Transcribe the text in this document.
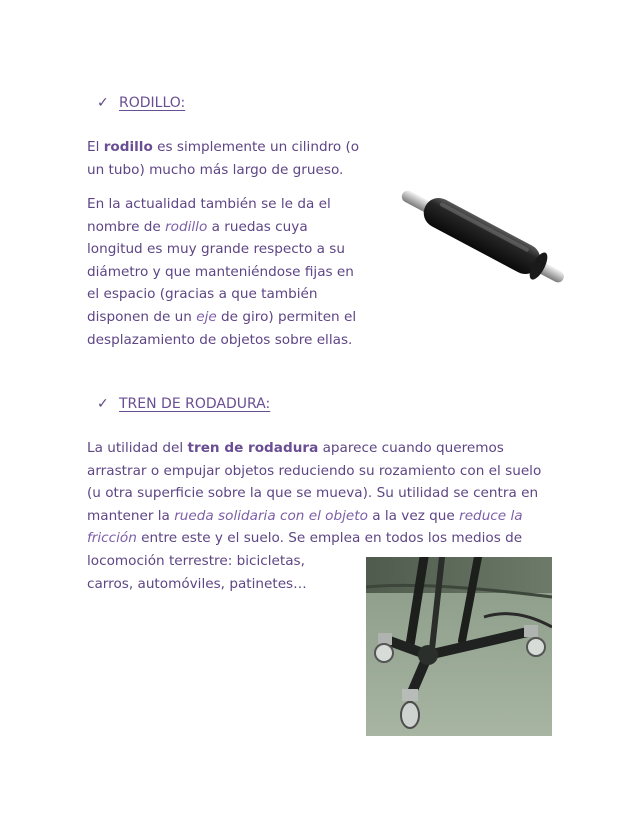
✓ RODILLO:

El rodillo es simplemente un cilindro (o
un tubo) mucho más largo de grueso.

En la actualidad también se le da el
nombre de rodillo a ruedas cuya
longitud es muy grande respecto a su
diámetro y que manteniéndose fijas en
el espacio (gracias a que también
disponen de un eje de giro) permiten el
desplazamiento de objetos sobre ellas.

✓ TREN DE RODADURA:

La utilidad del tren de rodadura aparece cuando queremos
arrastrar o empujar objetos reduciendo su rozamiento con el suelo
(u otra superficie sobre la que se mueva). Su utilidad se centra en
mantener la rueda solidaria con el objeto a la vez que reduce la
fricción entre este y el suelo. Se emplea en todos los medios de
locomoción terrestre: bicicletas,
carros, automóviles, patinetes…
